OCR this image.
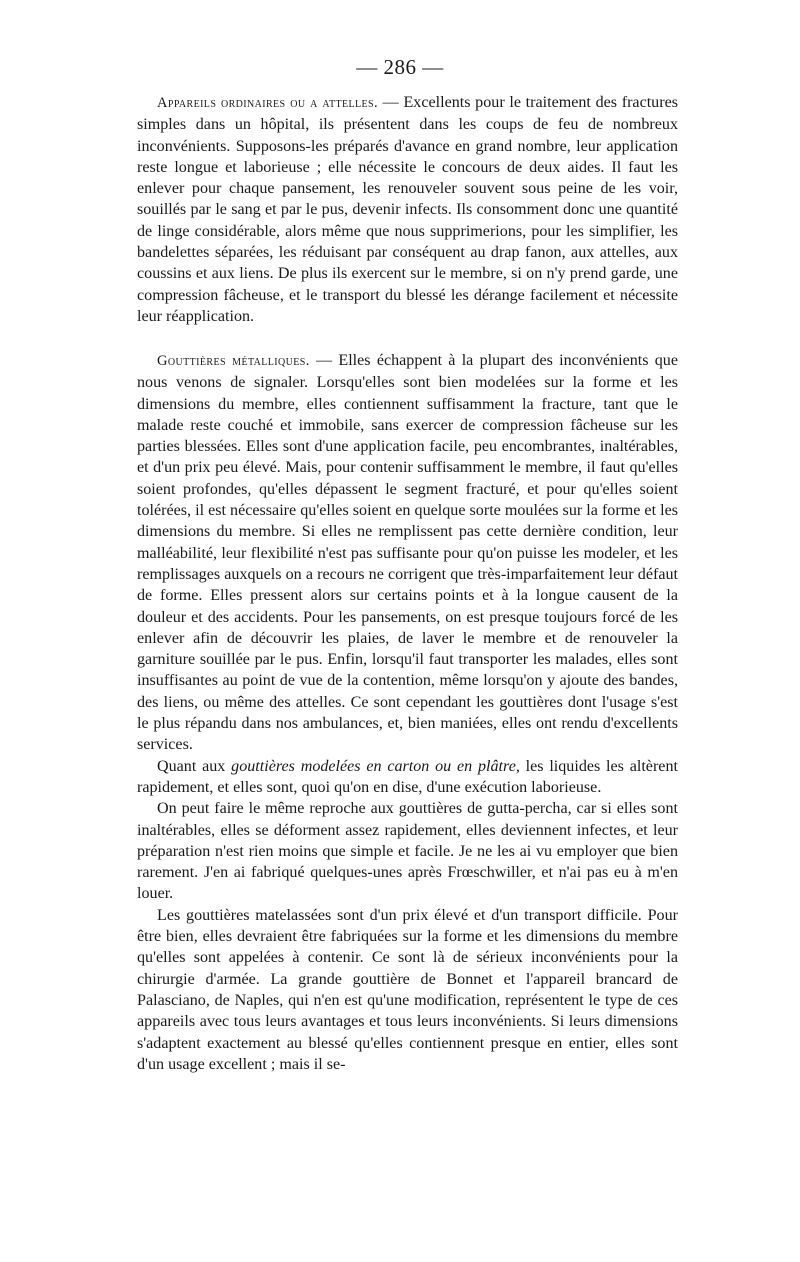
— 286 —

Appareils ordinaires ou a attelles. — Excellents pour le traitement des fractures simples dans un hôpital, ils présentent dans les coups de feu de nombreux inconvénients. Supposons-les préparés d'avance en grand nombre, leur application reste longue et laborieuse ; elle nécessite le concours de deux aides. Il faut les enlever pour chaque pansement, les renouveler souvent sous peine de les voir, souillés par le sang et par le pus, devenir infects. Ils consomment donc une quantité de linge considérable, alors même que nous supprimerions, pour les simplifier, les bandelettes séparées, les réduisant par conséquent au drap fanon, aux attelles, aux coussins et aux liens. De plus ils exercent sur le membre, si on n'y prend garde, une compression fâcheuse, et le transport du blessé les dérange facilement et nécessite leur réapplication.

Gouttières métalliques. — Elles échappent à la plupart des inconvénients que nous venons de signaler. Lorsqu'elles sont bien modelées sur la forme et les dimensions du membre, elles contiennent suffisamment la fracture, tant que le malade reste couché et immobile, sans exercer de compression fâcheuse sur les parties blessées. Elles sont d'une application facile, peu encombrantes, inaltérables, et d'un prix peu élevé. Mais, pour contenir suffisamment le membre, il faut qu'elles soient profondes, qu'elles dépassent le segment fracturé, et pour qu'elles soient tolérées, il est nécessaire qu'elles soient en quelque sorte moulées sur la forme et les dimensions du membre. Si elles ne remplissent pas cette dernière condition, leur malléabilité, leur flexibilité n'est pas suffisante pour qu'on puisse les modeler, et les remplissages auxquels on a recours ne corrigent que très-imparfaitement leur défaut de forme. Elles pressent alors sur certains points et à la longue causent de la douleur et des accidents. Pour les pansements, on est presque toujours forcé de les enlever afin de découvrir les plaies, de laver le membre et de renouveler la garniture souillée par le pus. Enfin, lorsqu'il faut transporter les malades, elles sont insuffisantes au point de vue de la contention, même lorsqu'on y ajoute des bandes, des liens, ou même des attelles. Ce sont cependant les gouttières dont l'usage s'est le plus répandu dans nos ambulances, et, bien maniées, elles ont rendu d'excellents services.

Quant aux gouttières modelées en carton ou en plâtre, les liquides les altèrent rapidement, et elles sont, quoi qu'on en dise, d'une exécution laborieuse.

On peut faire le même reproche aux gouttières de gutta-percha, car si elles sont inaltérables, elles se déforment assez rapidement, elles deviennent infectes, et leur préparation n'est rien moins que simple et facile. Je ne les ai vu employer que bien rarement. J'en ai fabriqué quelques-unes après Frœschwiller, et n'ai pas eu à m'en louer.

Les gouttières matelassées sont d'un prix élevé et d'un transport difficile. Pour être bien, elles devraient être fabriquées sur la forme et les dimensions du membre qu'elles sont appelées à contenir. Ce sont là de sérieux inconvénients pour la chirurgie d'armée. La grande gouttière de Bonnet et l'appareil brancard de Palasciano, de Naples, qui n'en est qu'une modification, représentent le type de ces appareils avec tous leurs avantages et tous leurs inconvénients. Si leurs dimensions s'adaptent exactement au blessé qu'elles contiennent presque en entier, elles sont d'un usage excellent ; mais il se-
